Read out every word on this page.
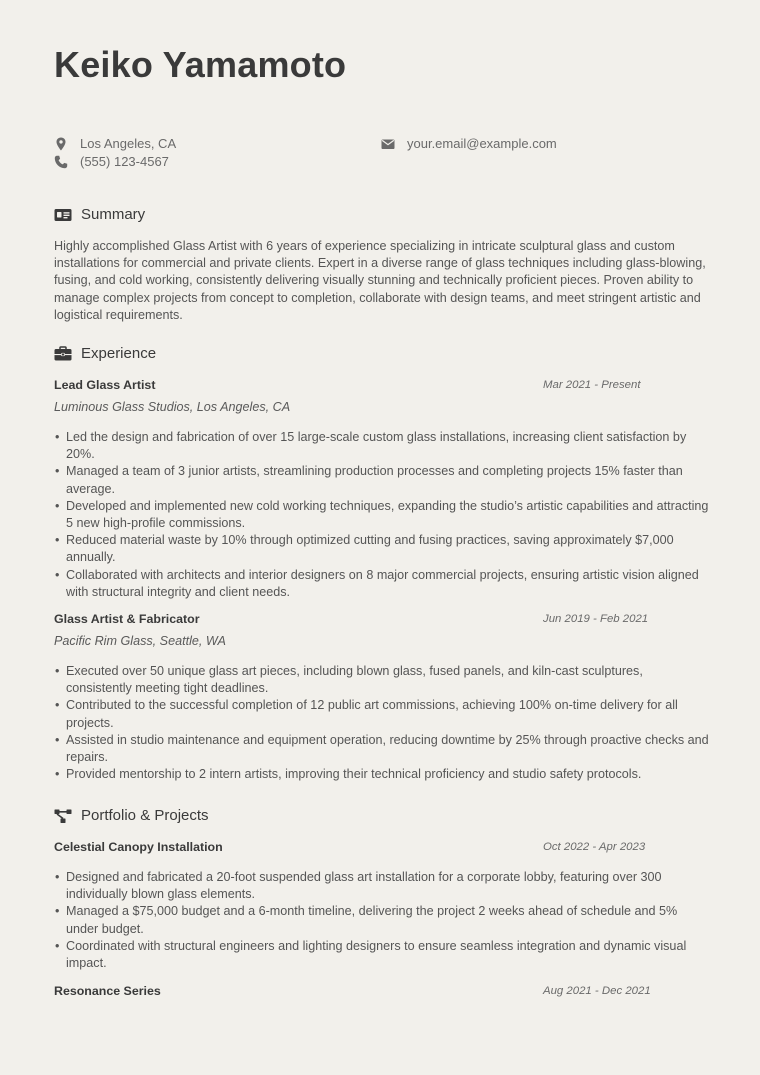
Keiko Yamamoto
Los Angeles, CA
(555) 123-4567
your.email@example.com
Summary
Highly accomplished Glass Artist with 6 years of experience specializing in intricate sculptural glass and custom installations for commercial and private clients. Expert in a diverse range of glass techniques including glass-blowing, fusing, and cold working, consistently delivering visually stunning and technically proficient pieces. Proven ability to manage complex projects from concept to completion, collaborate with design teams, and meet stringent artistic and logistical requirements.
Experience
Lead Glass Artist	Mar 2021 - Present
Luminous Glass Studios, Los Angeles, CA
• Led the design and fabrication of over 15 large-scale custom glass installations, increasing client satisfaction by 20%.
• Managed a team of 3 junior artists, streamlining production processes and completing projects 15% faster than average.
• Developed and implemented new cold working techniques, expanding the studio’s artistic capabilities and attracting 5 new high-profile commissions.
• Reduced material waste by 10% through optimized cutting and fusing practices, saving approximately $7,000 annually.
• Collaborated with architects and interior designers on 8 major commercial projects, ensuring artistic vision aligned with structural integrity and client needs.
Glass Artist & Fabricator	Jun 2019 - Feb 2021
Pacific Rim Glass, Seattle, WA
• Executed over 50 unique glass art pieces, including blown glass, fused panels, and kiln-cast sculptures, consistently meeting tight deadlines.
• Contributed to the successful completion of 12 public art commissions, achieving 100% on-time delivery for all projects.
• Assisted in studio maintenance and equipment operation, reducing downtime by 25% through proactive checks and repairs.
• Provided mentorship to 2 intern artists, improving their technical proficiency and studio safety protocols.
Portfolio & Projects
Celestial Canopy Installation	Oct 2022 - Apr 2023
• Designed and fabricated a 20-foot suspended glass art installation for a corporate lobby, featuring over 300 individually blown glass elements.
• Managed a $75,000 budget and a 6-month timeline, delivering the project 2 weeks ahead of schedule and 5% under budget.
• Coordinated with structural engineers and lighting designers to ensure seamless integration and dynamic visual impact.
Resonance Series	Aug 2021 - Dec 2021
